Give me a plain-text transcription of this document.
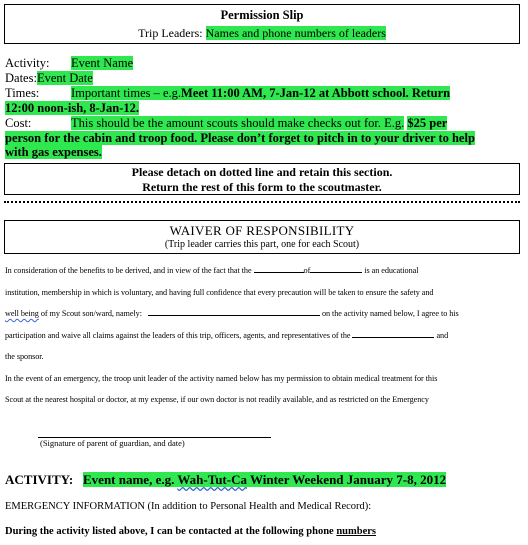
Permission Slip
Trip Leaders: Names and phone numbers of leaders
Activity: Event Name
Dates:Event Date
Times:	Important times – e.g.Meet 11:00 AM, 7-Jan-12 at Abbott school. Return
12:00 noon-ish, 8-Jan-12.
Cost:	This should be the amount scouts should make checks out for. E.g. $25 per
person for the cabin and troop food. Please don’t forget to pitch in to your driver to help
with gas expenses.
Please detach on dotted line and retain this section.
Return the rest of this form to the scoutmaster.
WAIVER OF RESPONSIBILITY
(Trip leader carries this part, one for each Scout)
In consideration of the benefits to be derived, and in view of the fact that the	of	is an educational
institution, membership in which is voluntary, and having full confidence that every precaution will be taken to ensure the safety and
well being of my Scout son/ward, namely:	on the activity named below, I agree to his
participation and waive all claims against the leaders of this trip, officers, agents, and representatives of the	and
the sponsor.
In the event of an emergency, the troop unit leader of the activity named below has my permission to obtain medical treatment for this
Scout at the nearest hospital or doctor, at my expense, if our own doctor is not readily available, and as restricted on the Emergency
(Signature of parent of guardian, and date)
ACTIVITY: Event name, e.g. Wah-Tut-Ca Winter Weekend January 7-8, 2012
EMERGENCY INFORMATION (In addition to Personal Health and Medical Record):
During the activity listed above, I can be contacted at the following phone numbers
